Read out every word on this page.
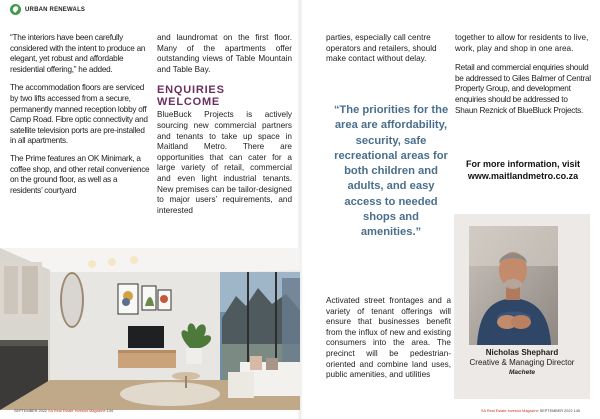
URBAN RENEWALS

“The interiors have been carefully considered with the intent to produce an elegant, yet robust and affordable residential offering,” he added.

The accommodation floors are serviced by two lifts accessed from a secure, permanently manned reception lobby off Camp Road. Fibre optic connectivity and satellite television ports are pre-installed in all apartments.

The Prime features an OK Minimark, a coffee shop, and other retail convenience on the ground floor, as well as a residents’ courtyard

and laundromat on the first floor. Many of the apartments offer outstanding views of Table Mountain and Table Bay.

ENQUIRIES
WELCOME

BlueBuck Projects is actively sourcing new commercial partners and tenants to take up space in Maitland Metro. There are opportunities that can cater for a large variety of retail, commercial and even light industrial tenants. New premises can be tailor-designed to major users’ requirements, and interested

parties, especially call centre operators and retailers, should make contact without delay.

“The priorities for the area are affordability, security, safe recreational areas for both children and adults, and easy access to needed shops and amenities.”

Activated street frontages and a variety of tenant offerings will ensure that businesses benefit from the influx of new and existing consumers into the area. The precinct will be pedestrian-oriented and combine land uses, public amenities, and utilities

together to allow for residents to live, work, play and shop in one area.

Retail and commercial enquiries should be addressed to Giles Balmer of Central Property Group, and development enquiries should be addressed to Shaun Reznick of BlueBluck Projects.

For more information, visit
www.maitlandmetro.co.za
Nicholas Shephard
Creative & Managing Director
Machete
SEPTEMBER 2022 SA Real Estate Investor Magazine 144	SA Real Estate Investor Magazine SEPTEMBER 2022 145
